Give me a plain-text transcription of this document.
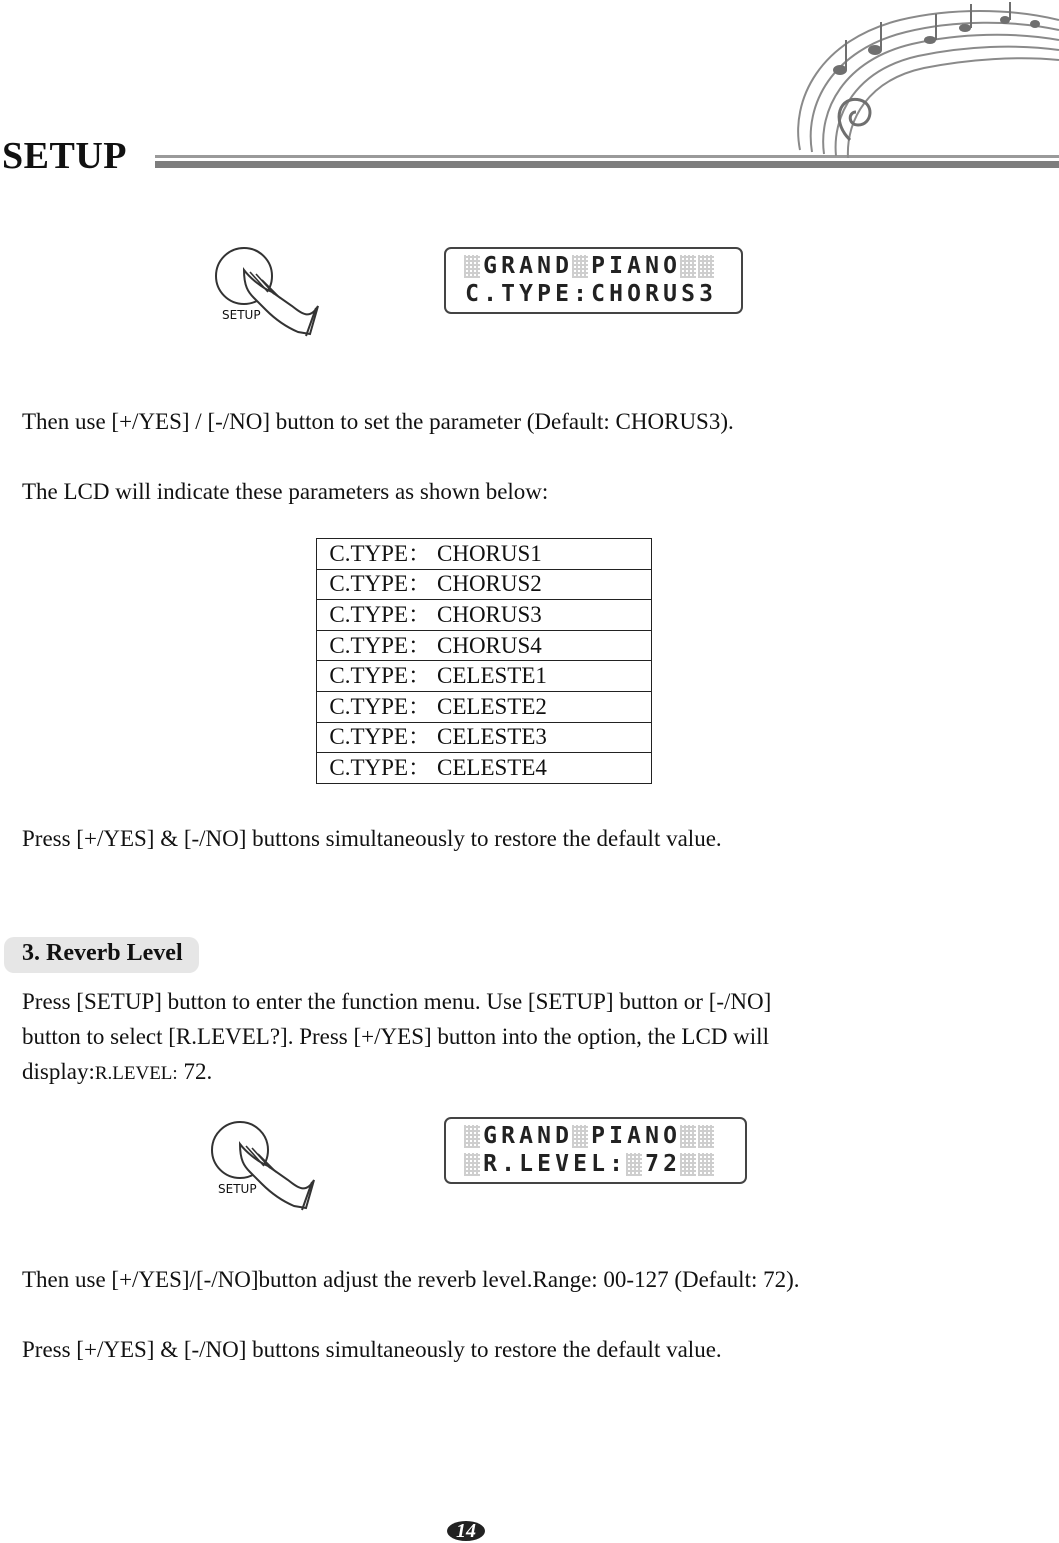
SETUP
SETUP
G R A N D P I A N O
C . T Y P E : C H O R U S 3
Then use [+/YES] / [-/NO] button to set the parameter (Default: CHORUS3).
The LCD will indicate these parameters as shown below:
C.TYPE：	CHORUS1
C.TYPE：	CHORUS2
C.TYPE：	CHORUS3
C.TYPE：	CHORUS4
C.TYPE：	CELESTE1
C.TYPE：	CELESTE2
C.TYPE：	CELESTE3
C.TYPE：	CELESTE4
Press [+/YES] & [-/NO] buttons simultaneously to restore the default value.
3. Reverb Level
Press [SETUP] button to enter the function menu. Use [SETUP] button or [-/NO]
button to select [R.LEVEL?]. Press [+/YES] button into the option, the LCD will
display:R.LEVEL: 72.
SETUP
G R A N D P I A N O
R . L E V E L : 7 2
Then use [+/YES]/[-/NO]button adjust the reverb level.Range: 00-127 (Default: 72).
Press [+/YES] & [-/NO] buttons simultaneously to restore the default value.
14
